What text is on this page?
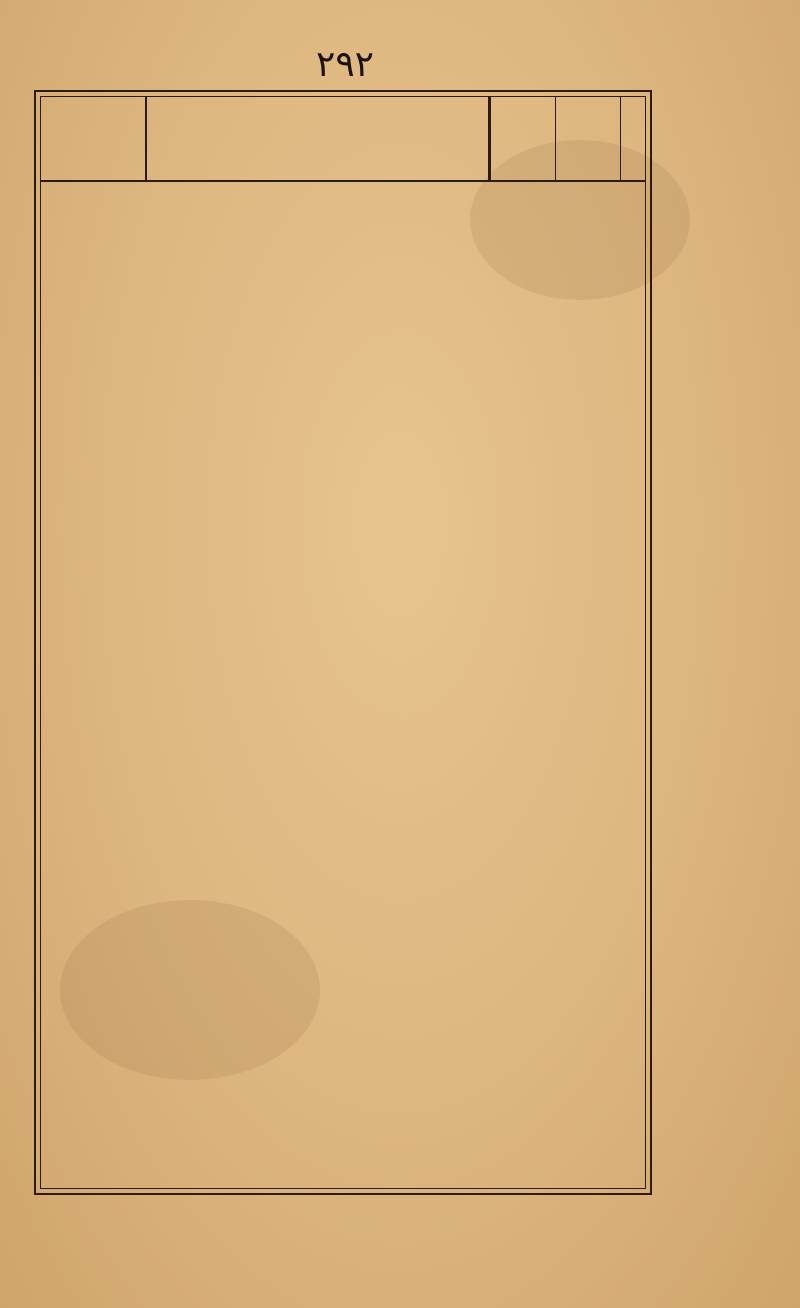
۲۹۲
